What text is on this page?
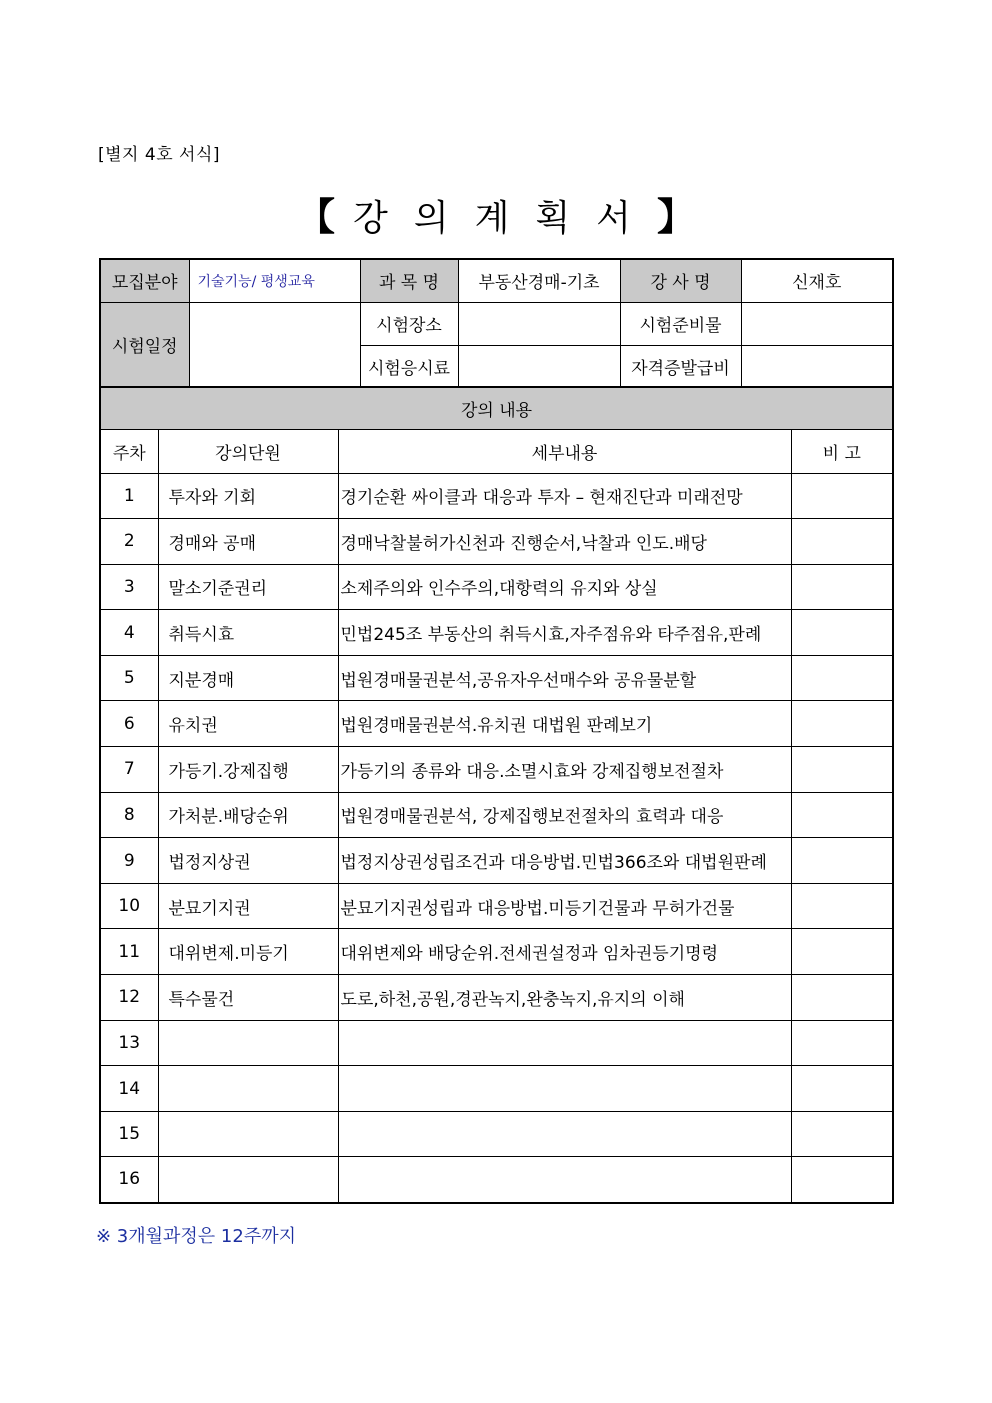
[별지 4호 서식]
【 강의계획서】
모집분야	기술기능/ 평생교육	과 목 명	부동산경매-기초	강 사 명	신재호
시험일정		시험장소		시험준비물	
		시험응시료		자격증발급비	
강의 내용			
주차	강의단원	세부내용	비 고
1	투자와 기회	경기순환 싸이클과 대응과 투자 – 현재진단과 미래전망	
2	경매와 공매	경매낙찰불허가신천과 진행순서,낙찰과 인도.배당	
3	말소기준권리	소제주의와 인수주의,대항력의 유지와 상실	
4	취득시효	민법245조 부동산의 취득시효,자주점유와 타주점유,판례	
5	지분경매	법원경매물권분석,공유자우선매수와 공유물분할	
6	유치권	법원경매물권분석.유치권 대법원 판례보기	
7	가등기.강제집행	가등기의 종류와 대응.소멸시효와 강제집행보전절차	
8	가처분.배당순위	법원경매물권분석, 강제집행보전절차의 효력과 대응	
9	법정지상권	법정지상권성립조건과 대응방법.민법366조와 대법원판례	
10	분묘기지권	분묘기지권성립과 대응방법.미등기건물과 무허가건물	
11	대위변제.미등기	대위변제와 배당순위.전세권설정과 임차권등기명령	
12	특수물건	도로,하천,공원,경관녹지,완충녹지,유지의 이해	
13			
14			
15			
16			
※ 3개월과정은 12주까지
